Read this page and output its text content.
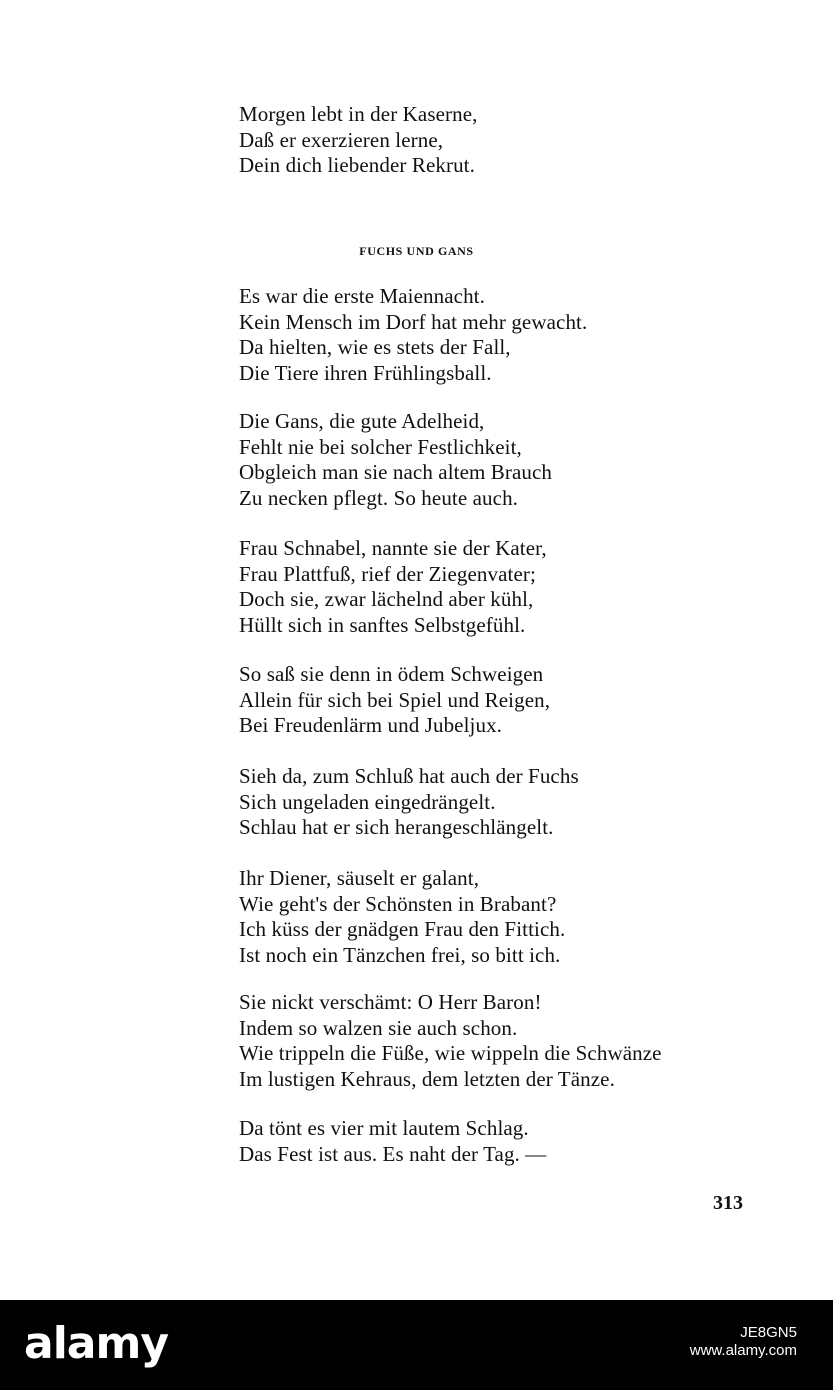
Morgen lebt in der Kaserne,
Daß er exerzieren lerne,
Dein dich liebender Rekrut.
FUCHS UND GANS
Es war die erste Maiennacht.
Kein Mensch im Dorf hat mehr gewacht.
Da hielten, wie es stets der Fall,
Die Tiere ihren Frühlingsball.
Die Gans, die gute Adelheid,
Fehlt nie bei solcher Festlichkeit,
Obgleich man sie nach altem Brauch
Zu necken pflegt. So heute auch.
Frau Schnabel, nannte sie der Kater,
Frau Plattfuß, rief der Ziegenvater;
Doch sie, zwar lächelnd aber kühl,
Hüllt sich in sanftes Selbstgefühl.
So saß sie denn in ödem Schweigen
Allein für sich bei Spiel und Reigen,
Bei Freudenlärm und Jubeljux.
Sieh da, zum Schluß hat auch der Fuchs
Sich ungeladen eingedrängelt.
Schlau hat er sich herangeschlängelt.
Ihr Diener, säuselt er galant,
Wie geht's der Schönsten in Brabant?
Ich küss der gnädgen Frau den Fittich.
Ist noch ein Tänzchen frei, so bitt ich.
Sie nickt verschämt: O Herr Baron!
Indem so walzen sie auch schon.
Wie trippeln die Füße, wie wippeln die Schwänze
Im lustigen Kehraus, dem letzten der Tänze.
Da tönt es vier mit lautem Schlag.
Das Fest ist aus. Es naht der Tag. —
313
alamy	JE8GN5
www.alamy.com
